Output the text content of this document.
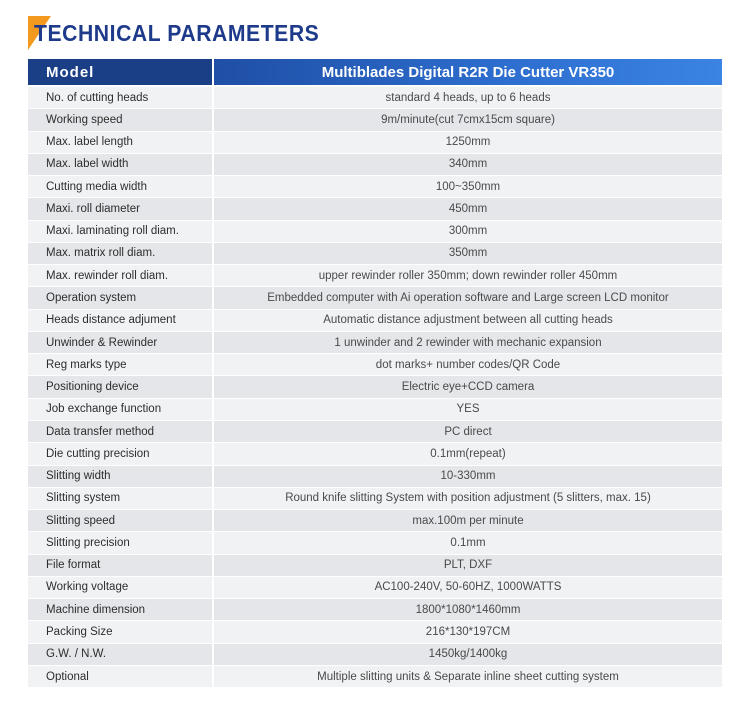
TECHNICAL PARAMETERS
Model	Multiblades Digital R2R Die Cutter VR350
No. of cutting heads	standard 4 heads, up to 6 heads
Working speed	9m/minute(cut 7cmx15cm square)
Max. label length	1250mm
Max. label width	340mm
Cutting media width	100~350mm
Maxi. roll diameter	450mm
Maxi. laminating roll diam.	300mm
Max. matrix roll diam.	350mm
Max. rewinder roll diam.	upper rewinder roller 350mm; down rewinder roller 450mm
Operation system	Embedded computer with Ai operation software and Large screen LCD monitor
Heads distance adjument	Automatic distance adjustment between all cutting heads
Unwinder & Rewinder	1 unwinder and 2 rewinder with mechanic expansion
Reg marks type	dot marks+ number codes/QR Code
Positioning device	Electric eye+CCD camera
Job exchange function	YES
Data transfer method	PC direct
Die cutting precision	0.1mm(repeat)
Slitting width	10-330mm
Slitting system	Round knife slitting System with position adjustment (5 slitters, max. 15)
Slitting speed	max.100m per minute
Slitting precision	0.1mm
File format	PLT, DXF
Working voltage	AC100-240V, 50-60HZ, 1000WATTS
Machine dimension	1800*1080*1460mm
Packing Size	216*130*197CM
G.W. / N.W.	1450kg/1400kg
Optional	Multiple slitting units & Separate inline sheet cutting system
